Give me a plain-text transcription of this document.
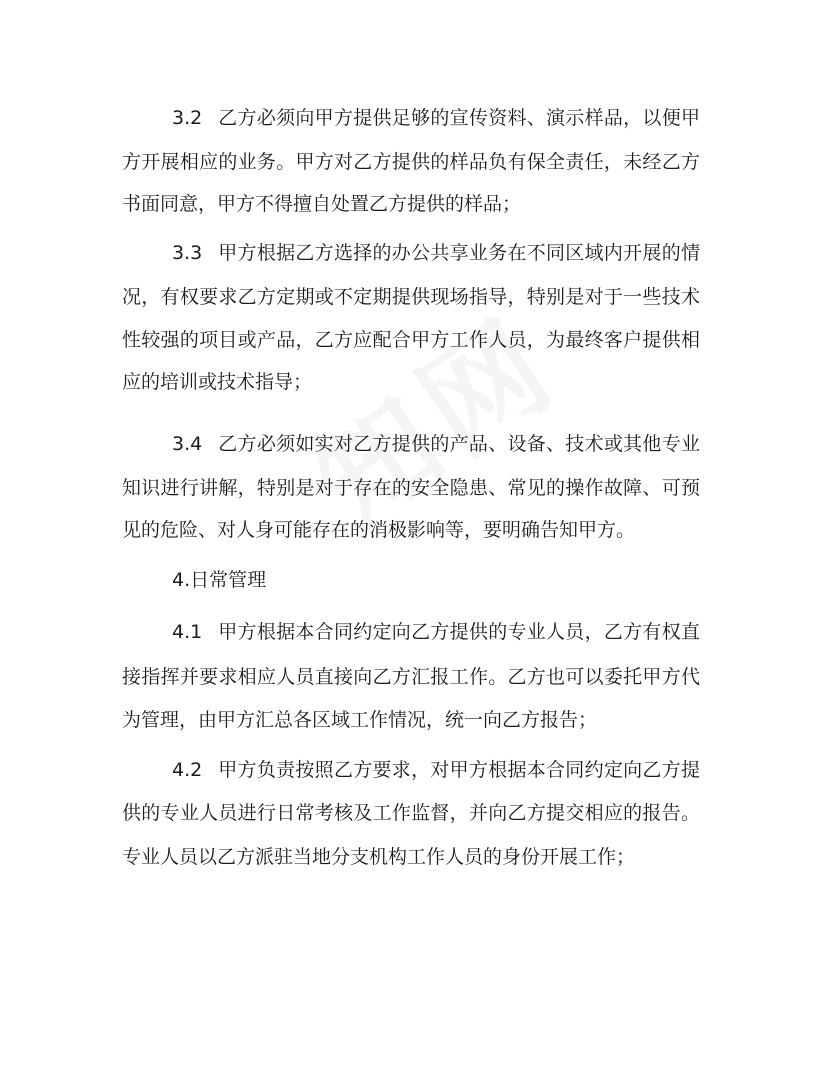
3.2 乙方必须向甲方提供足够的宣传资料、演示样品，以便甲
方开展相应的业务。甲方对乙方提供的样品负有保全责任，未经乙方
书面同意，甲方不得擅自处置乙方提供的样品；
3.3 甲方根据乙方选择的办公共享业务在不同区域内开展的情
况，有权要求乙方定期或不定期提供现场指导，特别是对于一些技术
性较强的项目或产品，乙方应配合甲方工作人员，为最终客户提供相
应的培训或技术指导；
3.4 乙方必须如实对乙方提供的产品、设备、技术或其他专业
知识进行讲解，特别是对于存在的安全隐患、常见的操作故障、可预
见的危险、对人身可能存在的消极影响等，要明确告知甲方。
4.日常管理
4.1 甲方根据本合同约定向乙方提供的专业人员，乙方有权直
接指挥并要求相应人员直接向乙方汇报工作。乙方也可以委托甲方代
为管理，由甲方汇总各区域工作情况，统一向乙方报告；
4.2 甲方负责按照乙方要求，对甲方根据本合同约定向乙方提
供的专业人员进行日常考核及工作监督，并向乙方提交相应的报告。
专业人员以乙方派驻当地分支机构工作人员的身份开展工作；
